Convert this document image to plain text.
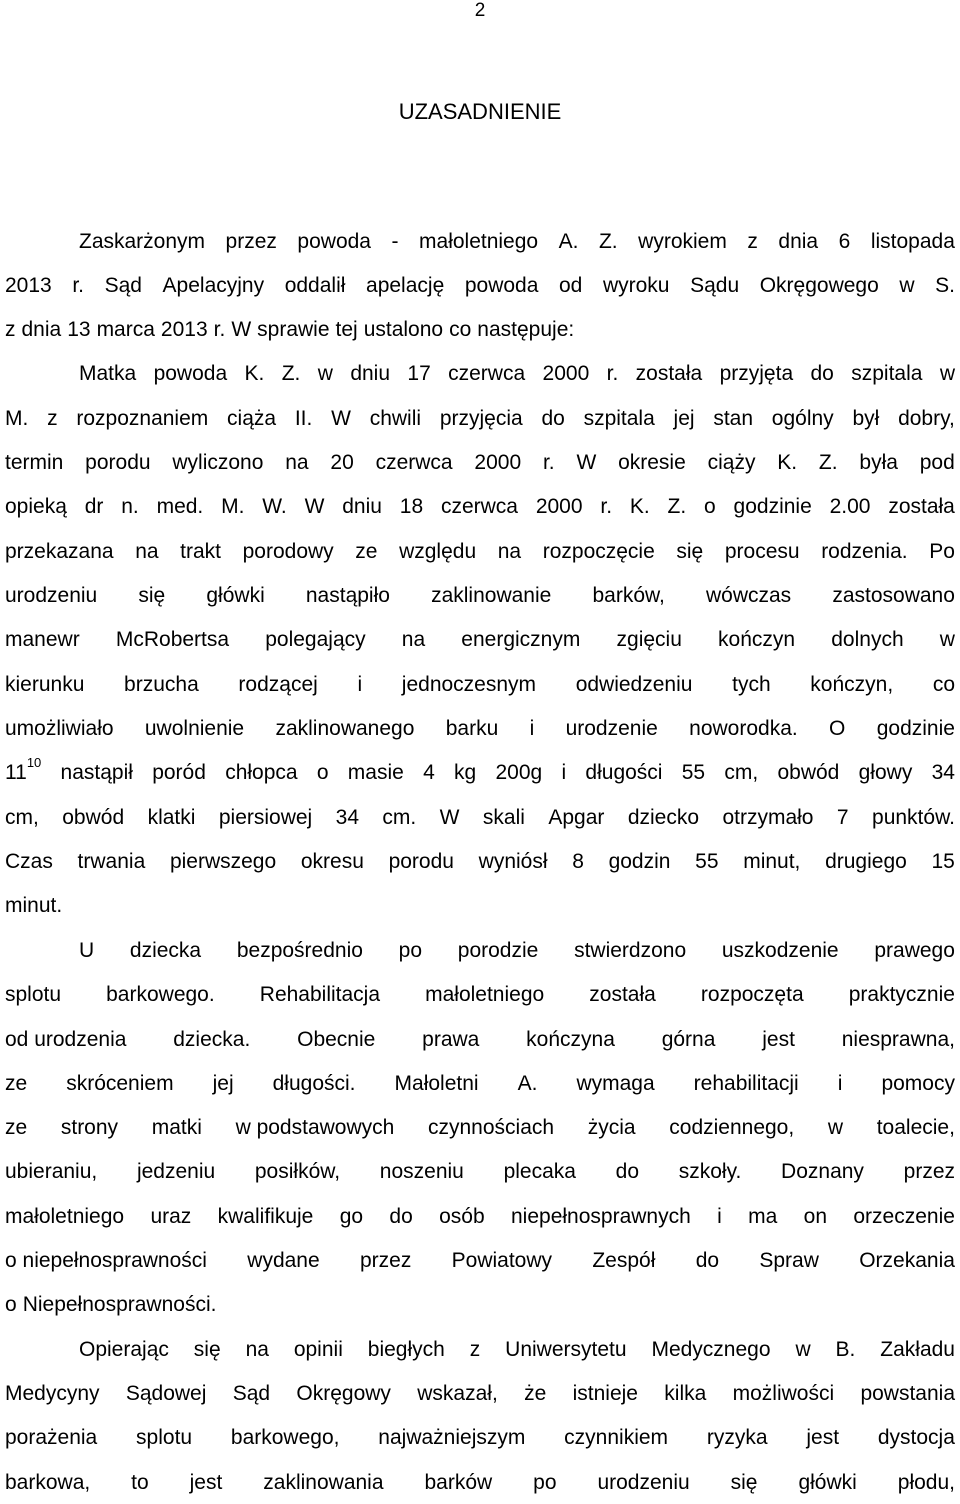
2
UZASADNIENIE
Zaskarżonym przez powoda - małoletniego A. Z. wyrokiem z dnia 6 listopada
2013 r. Sąd Apelacyjny oddalił apelację powoda od wyroku Sądu Okręgowego w S.
z dnia 13 marca 2013 r. W sprawie tej ustalono co następuje:
Matka powoda K. Z. w dniu 17 czerwca 2000 r. została przyjęta do szpitala w
M. z rozpoznaniem ciąża II. W chwili przyjęcia do szpitala jej stan ogólny był dobry,
termin porodu wyliczono na 20 czerwca 2000 r. W okresie ciąży K. Z. była pod
opieką dr n. med. M. W. W dniu 18 czerwca 2000 r. K. Z. o godzinie 2.00 została
przekazana na trakt porodowy ze względu na rozpoczęcie się procesu rodzenia. Po
urodzeniu się główki nastąpiło zaklinowanie barków, wówczas zastosowano
manewr McRobertsa polegający na energicznym zgięciu kończyn dolnych w
kierunku brzucha rodzącej i jednoczesnym odwiedzeniu tych kończyn, co
umożliwiało uwolnienie zaklinowanego barku i urodzenie noworodka. O godzinie
$11^{10}$ nastąpił poród chłopca o masie 4 kg 200g i długości 55 cm, obwód głowy 34
cm, obwód klatki piersiowej 34 cm. W skali Apgar dziecko otrzymało 7 punktów.
Czas trwania pierwszego okresu porodu wyniósł 8 godzin 55 minut, drugiego 15
minut.
U dziecka bezpośrednio po porodzie stwierdzono uszkodzenie prawego
splotu barkowego. Rehabilitacja małoletniego została rozpoczęta praktycznie
od urodzenia dziecka. Obecnie prawa kończyna górna jest niesprawna,
ze skróceniem jej długości. Małoletni A. wymaga rehabilitacji i pomocy
ze strony matki w podstawowych czynnościach życia codziennego, w toalecie,
ubieraniu, jedzeniu posiłków, noszeniu plecaka do szkoły. Doznany przez
małoletniego uraz kwalifikuje go do osób niepełnosprawnych i ma on orzeczenie
o niepełnosprawności wydane przez Powiatowy Zespół do Spraw Orzekania
o Niepełnosprawności.
Opierając się na opinii biegłych z Uniwersytetu Medycznego w B. Zakładu
Medycyny Sądowej Sąd Okręgowy wskazał, że istnieje kilka możliwości powstania
porażenia splotu barkowego, najważniejszym czynnikiem ryzyka jest dystocja
barkowa, to jest zaklinowania barków po urodzeniu się główki płodu,
